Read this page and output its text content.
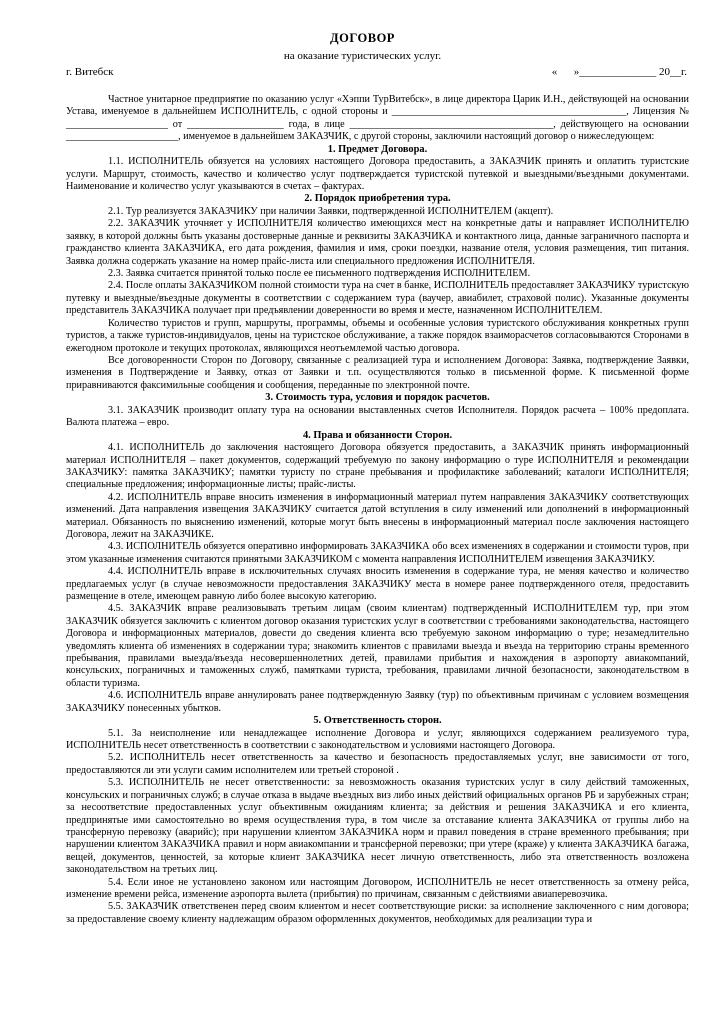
ДОГОВОР
на оказание туристических услуг.
г. Витебск	«      »______________ 20__г.

Частное унитарное предприятие по оказанию услуг «Хэппи ТурВитебск», в лице директора Царик И.Н., действующей на основании Устава, именуемое в дальнейшем ИСПОЛНИТЕЛЬ, с одной стороны и ______________________________________________, Лицензия № ____________________ от ___________________ года, в лице ________________________________________, действующего на основании ______________________, именуемое в дальнейшем ЗАКАЗЧИК, с другой стороны, заключили настоящий договор о нижеследующем:

1. Предмет Договора.

1.1. ИСПОЛНИТЕЛЬ обязуется на условиях настоящего Договора предоставить, а ЗАКАЗЧИК принять и оплатить туристские услуги. Маршрут, стоимость, качество и количество услуг подтверждается туристской путевкой и выездными/въездными документами. Наименование и количество услуг указываются в счетах – фактурах.

2. Порядок приобретения тура.

2.1. Тур реализуется ЗАКАЗЧИКУ при наличии Заявки, подтвержденной ИСПОЛНИТЕЛЕМ (акцепт).

2.2. ЗАКАЗЧИК уточняет у ИСПОЛНИТЕЛЯ количество имеющихся мест на конкретные даты и направляет ИСПОЛНИТЕЛЮ заявку, в которой должны быть указаны достоверные данные и реквизиты ЗАКАЗЧИКА и контактного лица, данные заграничного паспорта и гражданство клиента ЗАКАЗЧИКА, его дата рождения, фамилия и имя, сроки поездки, название отеля, условия размещения, тип питания. Заявка должна содержать указание на номер прайс-листа или специального предложения ИСПОЛНИТЕЛЯ.

2.3. Заявка считается принятой только после ее письменного подтверждения ИСПОЛНИТЕЛЕМ.

2.4. После оплаты ЗАКАЗЧИКОМ полной стоимости тура на счет в банке, ИСПОЛНИТЕЛЬ предоставляет ЗАКАЗЧИКУ туристскую путевку и выездные/въездные документы в соответствии с содержанием тура (ваучер, авиабилет, страховой полис). Указанные документы представитель ЗАКАЗЧИКА получает при предъявлении доверенности во время и месте, назначенном ИСПОЛНИТЕЛЕМ.

Количество туристов и групп, маршруты, программы, объемы и особенные условия туристского обслуживания конкретных групп туристов, а также туристов-индивидуалов, цены на туристское обслуживание, а также порядок взаиморасчетов согласовываются Сторонами в ежегодном протоколе и текущих протоколах, являющихся неотъемлемой частью договора.

Все договоренности Сторон по Договору, связанные с реализацией тура и исполнением Договора: Заявка, подтверждение Заявки, изменения в Подтверждение и Заявку, отказ от Заявки и т.п. осуществляются только в письменной форме. К письменной форме приравниваются факсимильные сообщения и сообщения, переданные по электронной почте.

3. Стоимость тура, условия и порядок расчетов.

3.1. ЗАКАЗЧИК производит оплату тура на основании выставленных счетов Исполнителя. Порядок расчета – 100% предоплата. Валюта платежа – евро.

4. Права и обязанности Сторон.

4.1. ИСПОЛНИТЕЛЬ до заключения настоящего Договора обязуется предоставить, а ЗАКАЗЧИК принять информационный материал ИСПОЛНИТЕЛЯ – пакет документов, содержащий требуемую по закону информацию о туре ИСПОЛНИТЕЛЯ и рекомендации ЗАКАЗЧИКУ: памятка ЗАКАЗЧИКУ; памятки туристу по стране пребывания и профилактике заболеваний; каталоги ИСПОЛНИТЕЛЯ; специальные предложения; информационные листы; прайс-листы.

4.2. ИСПОЛНИТЕЛЬ вправе вносить изменения в информационный материал путем направления ЗАКАЗЧИКУ соответствующих изменений. Дата направления извещения ЗАКАЗЧИКУ считается датой вступления в силу изменений или дополнений в информационный материал. Обязанность по выяснению изменений, которые могут быть внесены в информационный материал после заключения настоящего Договора, лежит на ЗАКАЗЧИКЕ.

4.3. ИСПОЛНИТЕЛЬ обязуется оперативно информировать ЗАКАЗЧИКА обо всех изменениях в содержании и стоимости туров, при этом указанные изменения считаются принятыми ЗАКАЗЧИКОМ с момента направления ИСПОЛНИТЕЛЕМ извещения ЗАКАЗЧИКУ.

4.4. ИСПОЛНИТЕЛЬ вправе в исключительных случаях вносить изменения в содержание тура, не меняя качество и количество предлагаемых услуг (в случае невозможности предоставления ЗАКАЗЧИКУ места в номере ранее подтвержденного отеля, предоставить размещение в отеле, имеющем равную либо более высокую категорию.

4.5. ЗАКАЗЧИК вправе реализовывать третьим лицам (своим клиентам) подтвержденный ИСПОЛНИТЕЛЕМ тур, при этом ЗАКАЗЧИК обязуется заключить с клиентом договор оказания туристских услуг в соответствии с требованиями законодательства, настоящего Договора и информационных материалов, довести до сведения клиента всю требуемую законом информацию о туре; незамедлительно уведомлять клиента об изменениях в содержании тура; знакомить клиентов с правилами выезда и въезда на территорию страны временного пребывания, правилами выезда/въезда несовершеннолетних детей, правилами прибытия и нахождения в аэропорту авиакомпаний, консульских, пограничных и таможенных служб, памятками туриста, требования, правилами личной безопасности, законодательством в области туризма.

4.6. ИСПОЛНИТЕЛЬ вправе аннулировать ранее подтвержденную Заявку (тур) по объективным причинам с условием возмещения ЗАКАЗЧИКУ понесенных убытков.

5. Ответственность сторон.

5.1. За неисполнение или ненадлежащее исполнение Договора и услуг, являющихся содержанием реализуемого тура, ИСПОЛНИТЕЛЬ несет ответственность в соответствии с законодательством и условиями настоящего Договора.

5.2. ИСПОЛНИТЕЛЬ несет ответственность за качество и безопасность предоставляемых услуг, вне зависимости от того, предоставляются ли эти услуги самим исполнителем или третьей стороной .

5.3. ИСПОЛНИТЕЛЬ не несет ответственности: за невозможность оказания туристских услуг в силу действий таможенных, консульских и пограничных служб; в случае отказа в выдаче въездных виз либо иных действий официальных органов РБ и зарубежных стран; за несоответствие предоставленных услуг объективным ожиданиям клиента; за действия и решения ЗАКАЗЧИКА и его клиента, предпринятые ими самостоятельно во время осуществления тура, в том числе за отставание клиента ЗАКАЗЧИКА от группы либо на трансферную перевозку (аварийс); при нарушении клиентом ЗАКАЗЧИКА норм и правил поведения в стране временного пребывания; при нарушении клиентом ЗАКАЗЧИКА правил и норм авиакомпании и трансферной перевозки; при утере (краже) у клиента ЗАКАЗЧИКА багажа, вещей, документов, ценностей, за которые клиент ЗАКАЗЧИКА несет личную ответственность, либо эта ответственность возложена законодательством на третьих лиц.

5.4. Если иное не установлено законом или настоящим Договором, ИСПОЛНИТЕЛЬ не несет ответственность за отмену рейса, изменение времени рейса, изменение аэропорта вылета (прибытия) по причинам, связанным с действиями авиаперевозчика.

5.5. ЗАКАЗЧИК ответственен перед своим клиентом и несет соответствующие риски: за исполнение заключенного с ним договора; за предоставление своему клиенту надлежащим образом оформленных документов, необходимых для реализации тура и
